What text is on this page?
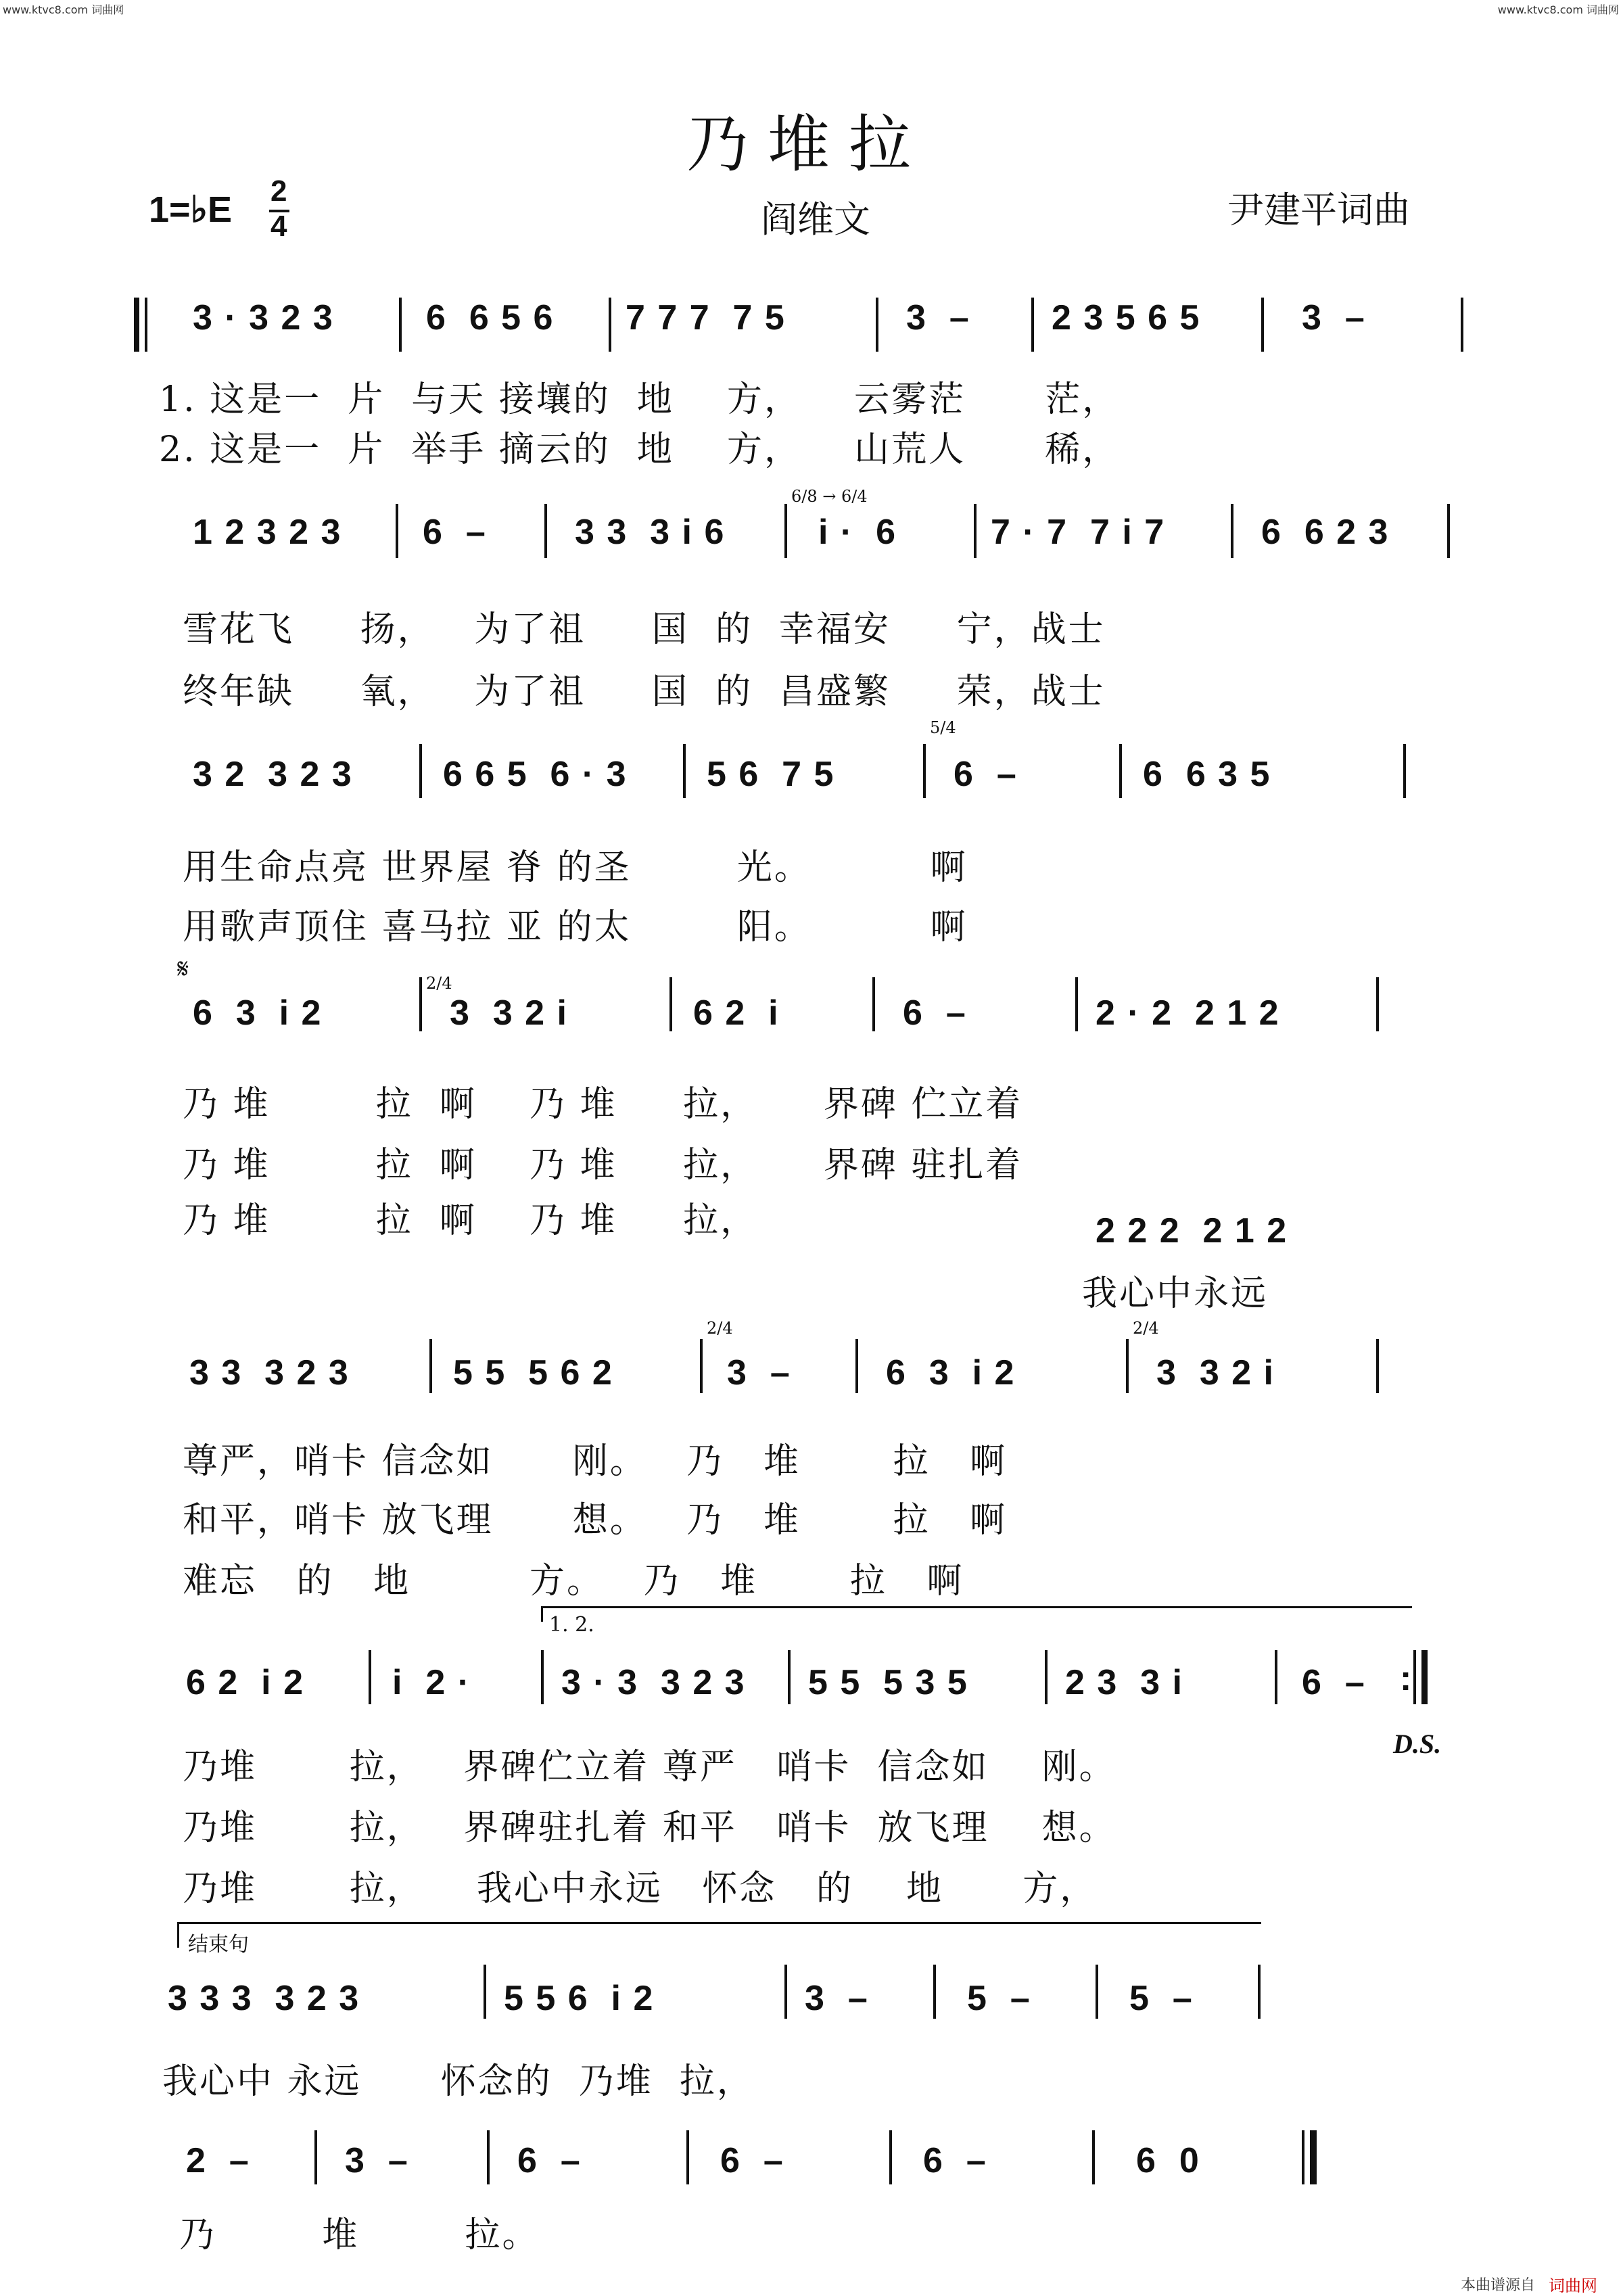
www.ktvc8.com 词曲网	www.ktvc8.com 词曲网
乃堆拉
1=♭E 2
4	阎维文	尹建平词曲
3 · 3 2 3	6  6 5 6 7 7 7  7 5	3  – 2 3 5 6 5	3  –
1. 这是一  片  与天 接壤的  地    方，    云雾茫      茫，
2. 这是一  片  举手 摘云的  地    方，    山荒人      稀，
1 2 3 2 3 6  –	3 3  3 i 6
6/8 → 6/4
i ·  6	7 · 7  7 i 7	6  6 2 3
雪花飞     扬，   为了祖     国  的  幸福安     宁，战士
终年缺     氧，   为了祖     国  的  昌盛繁     荣，战士
3 2  3 2 3	6 6 5  6 · 3 5 6  7 5
5/4
6  –	6  6 3 5
用生命点亮 世界屋 脊 的圣        光。         啊
用歌声顶住 喜马拉 亚 的太        阳。         啊
𝄋
6  3  i 2
2/4
3  3 2 i	6 2  i	6  –	2 · 2  2 1 2
乃 堆        拉  啊    乃 堆     拉，     界碑 伫立着
乃 堆        拉  啊    乃 堆     拉，     界碑 驻扎着
乃 堆        拉  啊    乃 堆     拉，	2 2 2  2 1 2
我心中永远
3 3  3 2 3	5 5  5 6 2
2/4
3  –	6  3  i 2
2/4
3  3 2 i
尊严，哨卡 信念如      刚。   乃   堆       拉   啊
和平，哨卡 放飞理      想。   乃   堆       拉   啊
难忘   的   地         方。   乃   堆       拉   啊
1. 2.
6 2  i 2	i  2 ·	3 · 3  3 2 3 5 5  5 3 5	2 3  3 i	6  – :
D.S.
乃堆       拉，   界碑伫立着 尊严   哨卡  信念如    刚。
乃堆       拉，   界碑驻扎着 和平   哨卡  放飞理    想。
乃堆       拉，    我心中永远   怀念   的    地      方，
结束句
3 3 3  3 2 3	5 5 6  i 2	3  –	5  –	5  –
我心中 永远      怀念的  乃堆  拉，
2  –	3  –	6  –	6  –	6  –	6  0
乃        堆        拉。
本曲谱源自 词曲网
